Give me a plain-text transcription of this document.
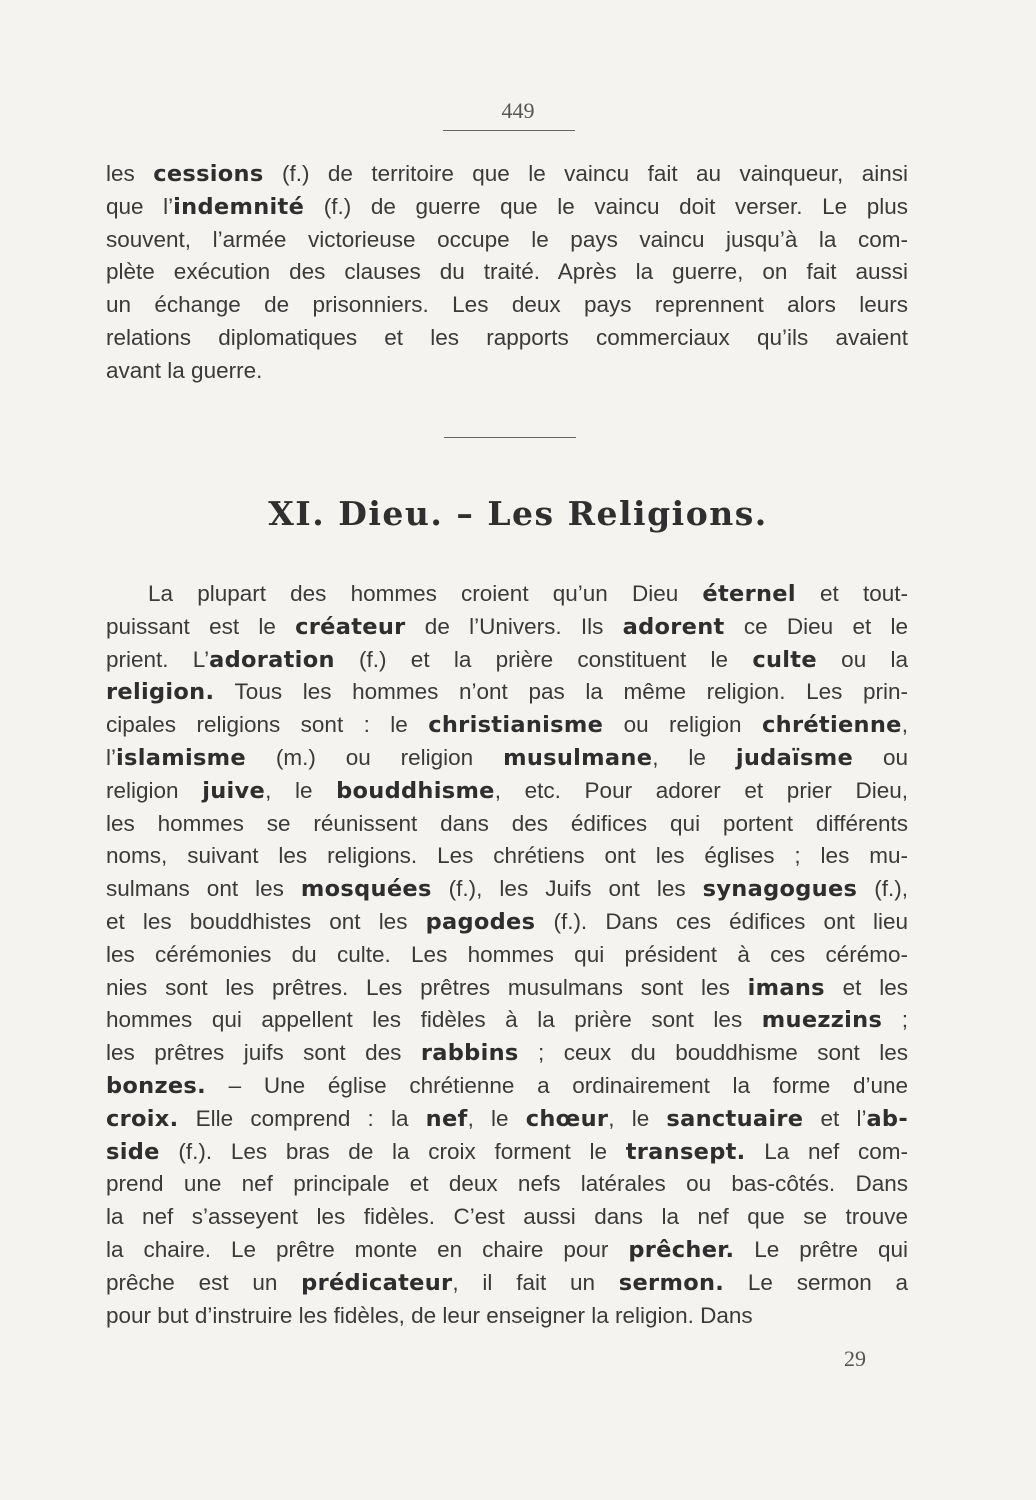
449
les cessions (f.) de territoire que le vaincu fait au vainqueur, ainsi
que l’indemnité (f.) de guerre que le vaincu doit verser. Le plus
souvent, l’armée victorieuse occupe le pays vaincu jusqu’à la com-
plète exécution des clauses du traité. Après la guerre, on fait aussi
un échange de prisonniers. Les deux pays reprennent alors leurs
relations diplomatiques et les rapports commerciaux qu’ils avaient
avant la guerre.
XI. Dieu. – Les Religions.
La plupart des hommes croient qu’un Dieu éternel et tout-
puissant est le créateur de l’Univers. Ils adorent ce Dieu et le
prient. L’adoration (f.) et la prière constituent le culte ou la
religion. Tous les hommes n’ont pas la même religion. Les prin-
cipales religions sont : le christianisme ou religion chrétienne,
l’islamisme (m.) ou religion musulmane, le judaïsme ou
religion juive, le bouddhisme, etc. Pour adorer et prier Dieu,
les hommes se réunissent dans des édifices qui portent différents
noms, suivant les religions. Les chrétiens ont les églises ; les mu-
sulmans ont les mosquées (f.), les Juifs ont les synagogues (f.),
et les bouddhistes ont les pagodes (f.). Dans ces édifices ont lieu
les cérémonies du culte. Les hommes qui président à ces cérémo-
nies sont les prêtres. Les prêtres musulmans sont les imans et les
hommes qui appellent les fidèles à la prière sont les muezzins ;
les prêtres juifs sont des rabbins ; ceux du bouddhisme sont les
bonzes. – Une église chrétienne a ordinairement la forme d’une
croix. Elle comprend : la nef, le chœur, le sanctuaire et l’ab-
side (f.). Les bras de la croix forment le transept. La nef com-
prend une nef principale et deux nefs latérales ou bas-côtés. Dans
la nef s’asseyent les fidèles. C’est aussi dans la nef que se trouve
la chaire. Le prêtre monte en chaire pour prêcher. Le prêtre qui
prêche est un prédicateur, il fait un sermon. Le sermon a
pour but d’instruire les fidèles, de leur enseigner la religion. Dans
29
